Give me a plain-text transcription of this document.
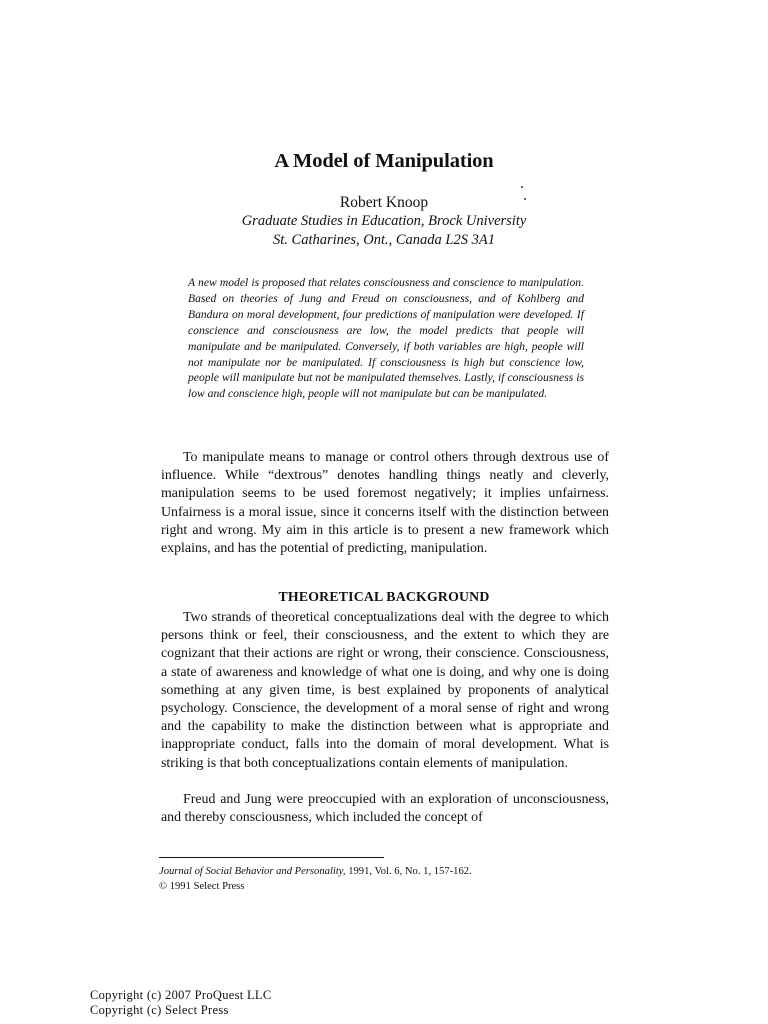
A Model of Manipulation
Robert Knoop
Graduate Studies in Education, Brock University
St. Catharines, Ont., Canada L2S 3A1

A new model is proposed that relates consciousness and conscience to manipulation. Based on theories of Jung and Freud on consciousness, and of Kohlberg and Bandura on moral development, four predictions of manipulation were developed. If conscience and consciousness are low, the model predicts that people will manipulate and be manipulated. Conversely, if both variables are high, people will not manipulate nor be manipulated. If consciousness is high but conscience low, people will manipulate but not be manipulated themselves. Lastly, if consciousness is low and conscience high, people will not manipulate but can be manipulated.

To manipulate means to manage or control others through dextrous use of influence. While “dextrous” denotes handling things neatly and cleverly, manipulation seems to be used foremost negatively; it implies unfairness. Unfairness is a moral issue, since it concerns itself with the distinction between right and wrong. My aim in this article is to present a new framework which explains, and has the potential of predicting, manipulation.

THEORETICAL BACKGROUND

Two strands of theoretical conceptualizations deal with the degree to which persons think or feel, their consciousness, and the extent to which they are cognizant that their actions are right or wrong, their conscience. Consciousness, a state of awareness and knowledge of what one is doing, and why one is doing something at any given time, is best explained by proponents of analytical psychology. Conscience, the development of a moral sense of right and wrong and the capability to make the distinction between what is appropriate and inappropriate conduct, falls into the domain of moral development. What is striking is that both conceptualizations contain elements of manipulation.

Freud and Jung were preoccupied with an exploration of unconsciousness, and thereby consciousness, which included the concept of

Journal of Social Behavior and Personality, 1991, Vol. 6, No. 1, 157-162.
© 1991 Select Press
Copyright (c) 2007 ProQuest LLC
Copyright (c) Select Press
